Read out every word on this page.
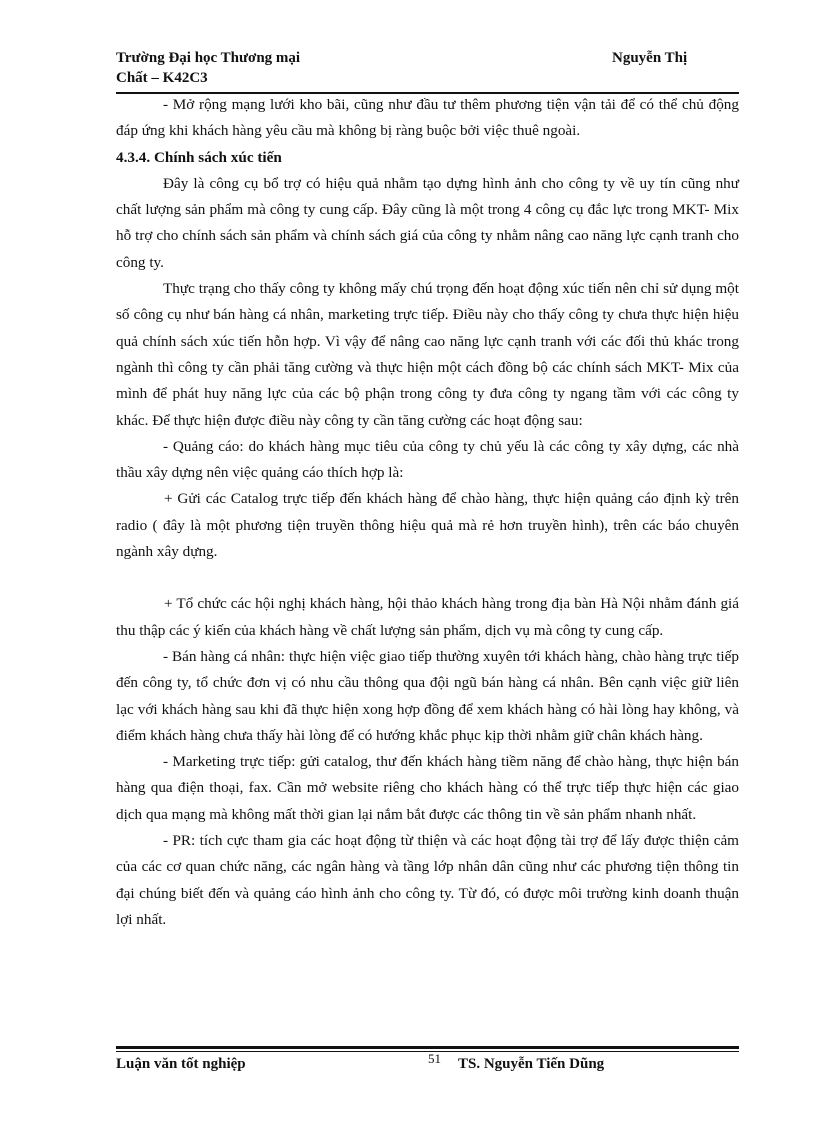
Trường Đại học Thương mại	Nguyễn Thị
Chất – K42C3

- Mở rộng mạng lưới kho bãi, cũng như đầu tư thêm phương tiện vận tải để có thể chủ động đáp ứng khi khách hàng yêu cầu mà không bị ràng buộc bởi việc thuê ngoài.

4.3.4. Chính sách xúc tiến

Đây là công cụ bổ trợ có hiệu quả nhằm tạo dựng hình ảnh cho công ty về uy tín cũng như chất lượng sản phẩm mà công ty cung cấp. Đây cũng là một trong 4 công cụ đắc lực trong MKT- Mix hỗ trợ cho chính sách sản phẩm và chính sách giá của công ty nhằm nâng cao năng lực cạnh tranh cho công ty.

Thực trạng cho thấy công ty không mấy chú trọng đến hoạt động xúc tiến nên chỉ sử dụng một số công cụ như bán hàng cá nhân, marketing trực tiếp. Điều này cho thấy công ty chưa thực hiện hiệu quả chính sách xúc tiến hỗn hợp. Vì vậy để nâng cao năng lực cạnh tranh với các đối thủ khác trong ngành thì công ty cần phải tăng cường và thực hiện một cách đồng bộ các chính sách MKT- Mix của mình để phát huy năng lực của các bộ phận trong công ty đưa công ty ngang tầm với các công ty khác. Để thực hiện được điều này công ty cần tăng cường các hoạt động sau:

- Quảng cáo: do khách hàng mục tiêu của công ty chủ yếu là các công ty xây dựng, các nhà thầu xây dựng nên việc quảng cáo thích hợp là:

+ Gửi các Catalog trực tiếp đến khách hàng để chào hàng, thực hiện quảng cáo định kỳ trên radio ( đây là một phương tiện truyền thông hiệu quả mà rẻ hơn truyền hình), trên các báo chuyên ngành xây dựng.

+ Tổ chức các hội nghị khách hàng, hội thảo khách hàng trong địa bàn Hà Nội nhằm đánh giá thu thập các ý kiến của khách hàng về chất lượng sản phẩm, dịch vụ mà công ty cung cấp.

- Bán hàng cá nhân: thực hiện việc giao tiếp thường xuyên tới khách hàng, chào hàng trực tiếp đến công ty, tổ chức đơn vị có nhu cầu thông qua đội ngũ bán hàng cá nhân. Bên cạnh việc giữ liên lạc với khách hàng sau khi đã thực hiện xong hợp đồng để xem khách hàng có hài lòng hay không, và điểm khách hàng chưa thấy hài lòng để có hướng khắc phục kịp thời nhằm giữ chân khách hàng.

- Marketing trực tiếp: gửi catalog, thư đến khách hàng tiềm năng để chào hàng, thực hiện bán hàng qua điện thoại, fax. Cần mở website riêng cho khách hàng có thể trực tiếp thực hiện các giao dịch qua mạng mà không mất thời gian lại nắm bắt được các thông tin về sản phẩm nhanh nhất.

- PR: tích cực tham gia các hoạt động từ thiện và các hoạt động tài trợ để lấy được thiện cảm của các cơ quan chức năng, các ngân hàng và tầng lớp nhân dân cũng như các phương tiện thông tin đại chúng biết đến và quảng cáo hình ảnh cho công ty. Từ đó, có được môi trường kinh doanh thuận lợi nhất.

Luận văn tốt nghiệp	51 TS. Nguyễn Tiến Dũng
